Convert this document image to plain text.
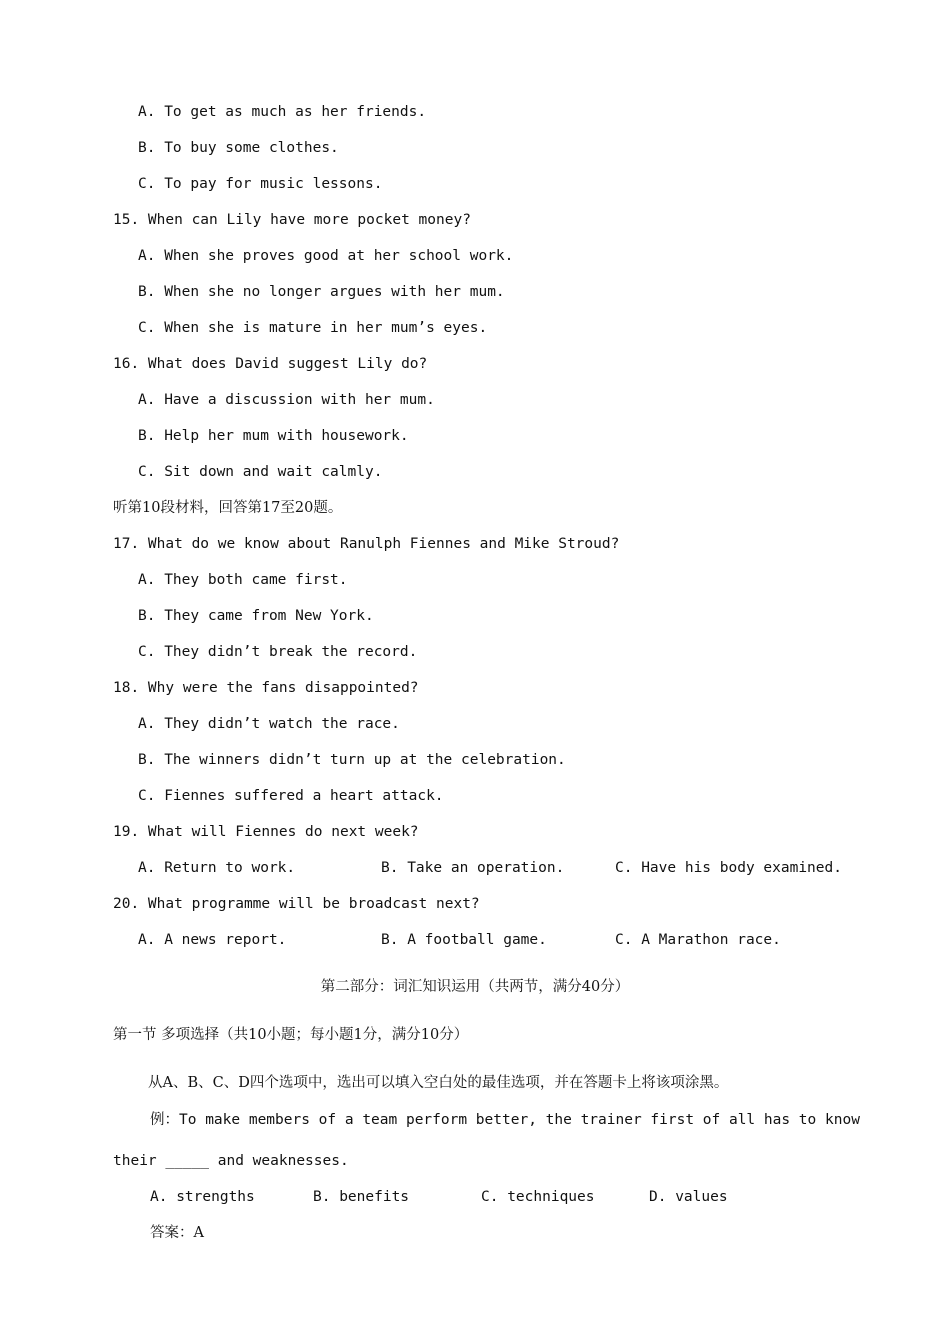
A. To get as much as her friends.
B. To buy some clothes.
C. To pay for music lessons.
15. When can Lily have more pocket money?
A. When she proves good at her school work.
B. When she no longer argues with her mum.
C. When she is mature in her mum’s eyes.
16. What does David suggest Lily do?
A. Have a discussion with her mum.
B. Help her mum with housework.
C. Sit down and wait calmly.
听第10段材料，回答第17至20题。
17. What do we know about Ranulph Fiennes and Mike Stroud?
A. They both came first.
B. They came from New York.
C. They didn’t break the record.
18. Why were the fans disappointed?
A. They didn’t watch the race.
B. The winners didn’t turn up at the celebration.
C. Fiennes suffered a heart attack.
19. What will Fiennes do next week?
A. Return to work.	B. Take an operation.	C. Have his body examined.
20. What programme will be broadcast next?
A. A news report.	B. A football game.	C. A Marathon race.
第二部分：词汇知识运用（共两节，满分40分）
第一节 多项选择（共10小题；每小题1分，满分10分）
从A、B、C、D四个选项中，选出可以填入空白处的最佳选项，并在答题卡上将该项涂黑。
例：To make members of a team perform better, the trainer first of all has to know
their _____ and weaknesses.
A. strengths	B. benefits	C. techniques	D. values
答案：A
